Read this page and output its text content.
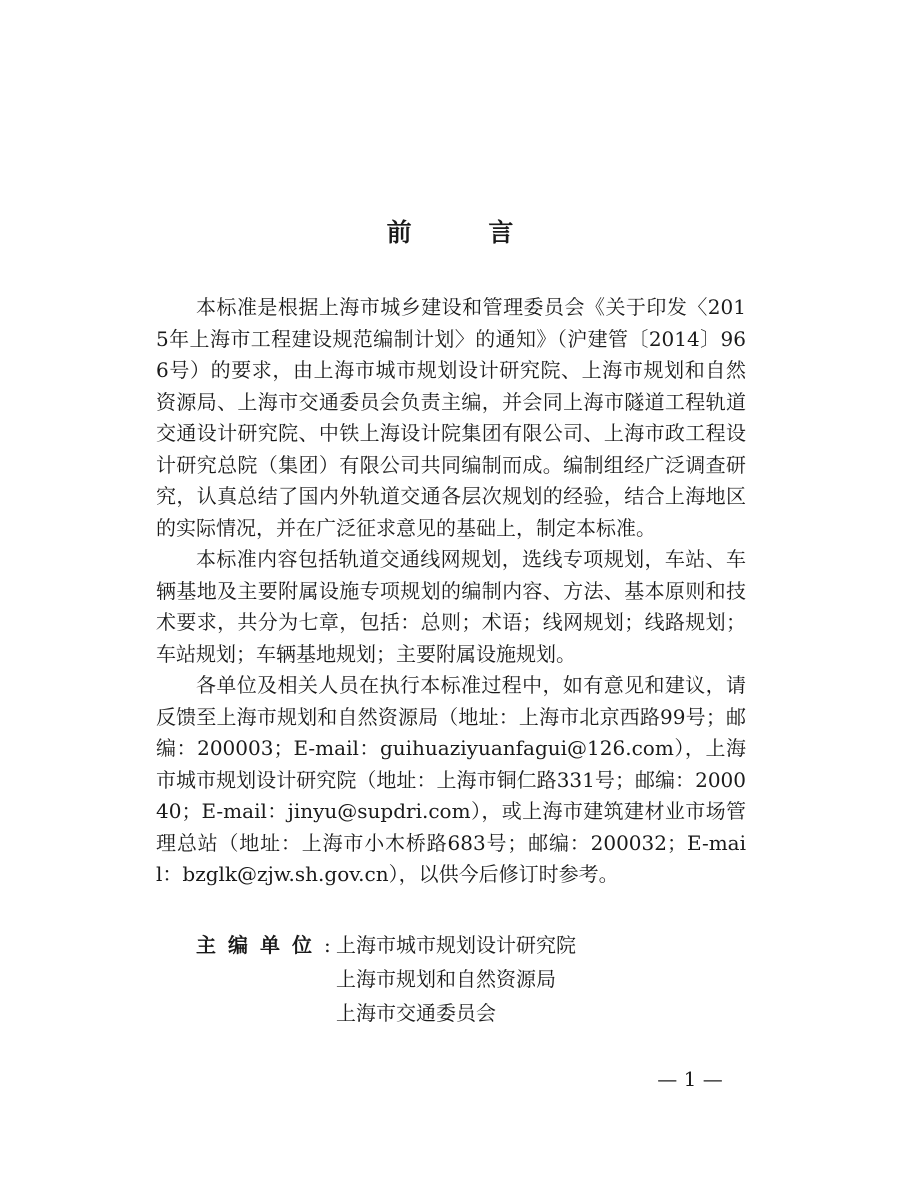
前 言

本标准是根据上海市城乡建设和管理委员会《关于印发〈2015年上海市工程建设规范编制计划〉的通知》（沪建管〔2014〕966号）的要求，由上海市城市规划设计研究院、上海市规划和自然资源局、上海市交通委员会负责主编，并会同上海市隧道工程轨道交通设计研究院、中铁上海设计院集团有限公司、上海市政工程设计研究总院（集团）有限公司共同编制而成。编制组经广泛调查研究，认真总结了国内外轨道交通各层次规划的经验，结合上海地区的实际情况，并在广泛征求意见的基础上，制定本标准。

本标准内容包括轨道交通线网规划，选线专项规划，车站、车辆基地及主要附属设施专项规划的编制内容、方法、基本原则和技术要求，共分为七章，包括：总则；术语；线网规划；线路规划；车站规划；车辆基地规划；主要附属设施规划。

各单位及相关人员在执行本标准过程中，如有意见和建议，请反馈至上海市规划和自然资源局（地址：上海市北京西路99号；邮编：200003；E-mail：guihuaziyuanfagui@126.com），上海市城市规划设计研究院（地址：上海市铜仁路331号；邮编：200040；E-mail：jinyu@supdri.com），或上海市建筑建材业市场管理总站（地址：上海市小木桥路683号；邮编：200032；E-mail：bzglk@zjw.sh.gov.cn），以供今后修订时参考。

主编单位 : 上海市城市规划设计研究院
上海市规划和自然资源局
上海市交通委员会
— 1 —
